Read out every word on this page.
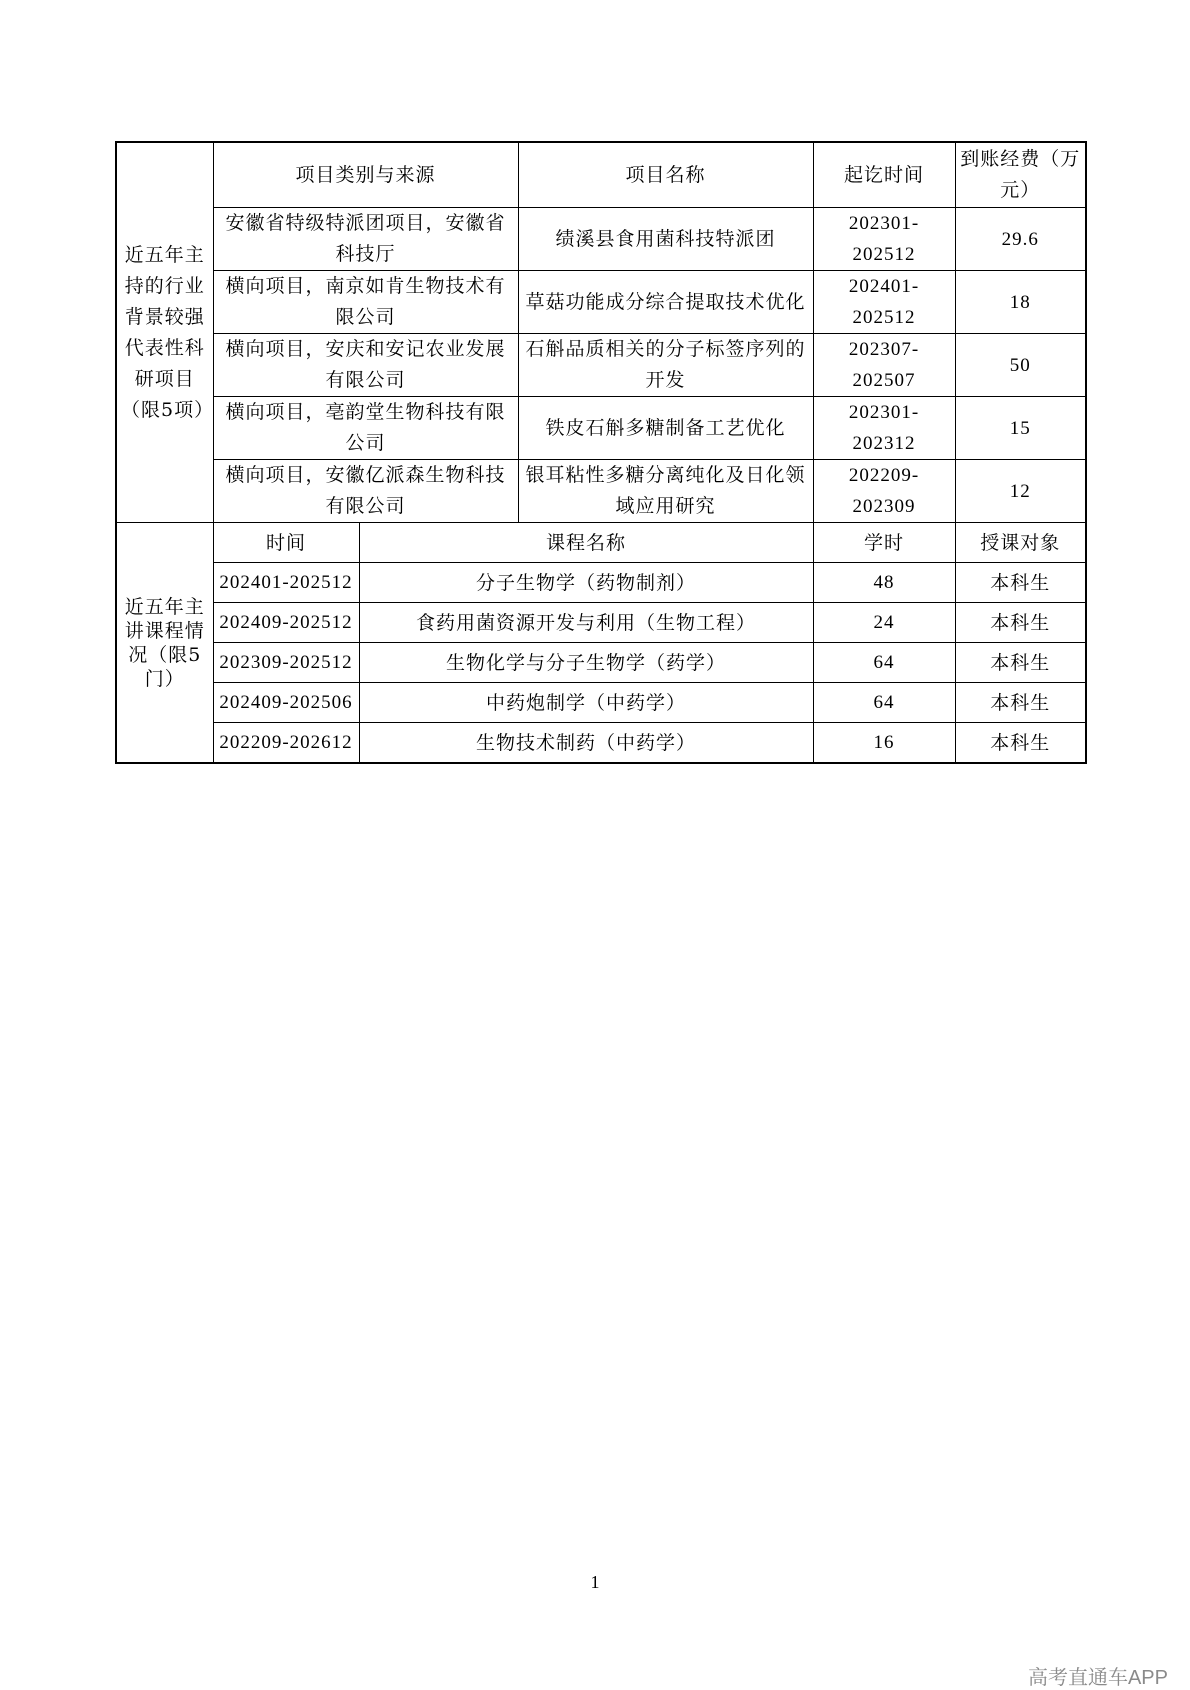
近五年主持的行业背景较强代表性科研项目（限5项）	项目类别与来源		项目名称	起讫时间	到账经费（万元）
	安徽省特级特派团项目，安徽省科技厅		绩溪县食用菌科技特派团	202301-202512	29.6
	横向项目，南京如肯生物技术有限公司		草菇功能成分综合提取技术优化	202401-202512	18
	横向项目，安庆和安记农业发展有限公司		石斛品质相关的分子标签序列的开发	202307-202507	50
	横向项目，亳韵堂生物科技有限公司		铁皮石斛多糖制备工艺优化	202301-202312	15
	横向项目，安徽亿派森生物科技有限公司		银耳粘性多糖分离纯化及日化领域应用研究	202209-202309	12
近五年主讲课程情况（限5门）	时间	课程名称		学时	授课对象
	202401-202512	分子生物学（药物制剂）		48	本科生
	202409-202512	食药用菌资源开发与利用（生物工程）		24	本科生
	202309-202512	生物化学与分子生物学（药学）		64	本科生
	202409-202506	中药炮制学（中药学）		64	本科生
	202209-202612	生物技术制药（中药学）		16	本科生
1
高考直通车APP
